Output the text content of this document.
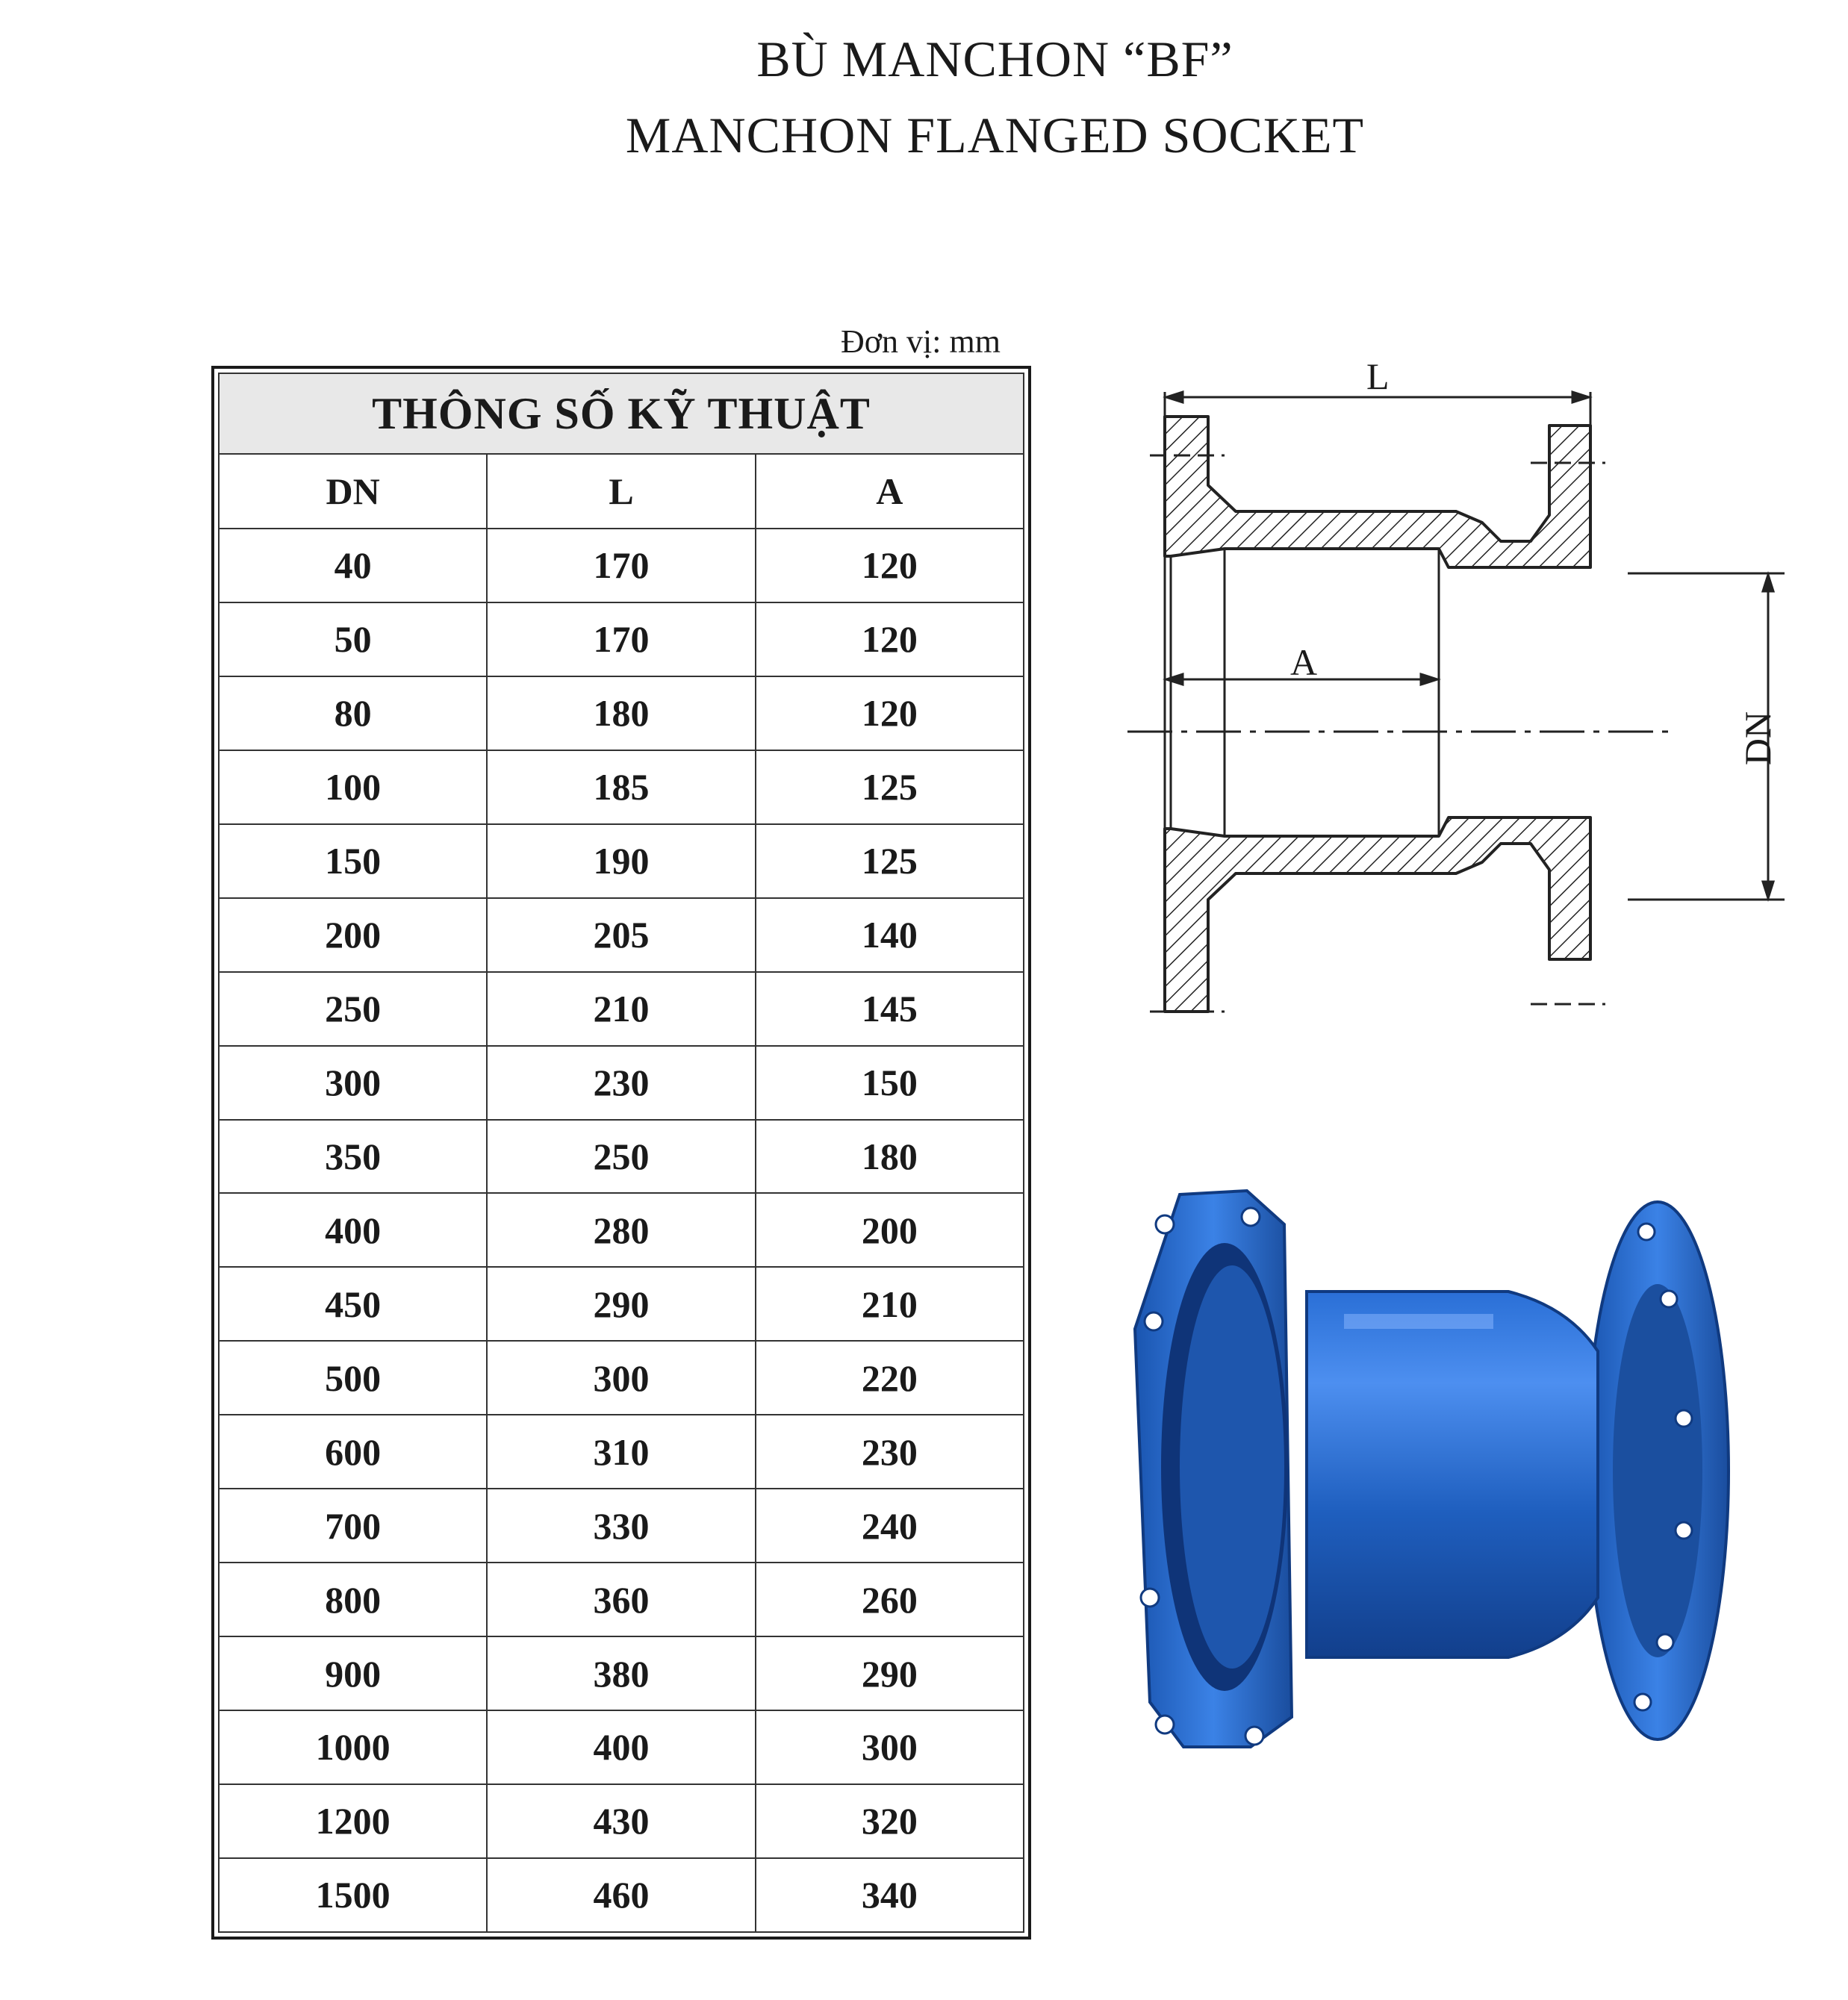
BÙ MANCHON “BF”
MANCHON FLANGED SOCKET
Đơn vị: mm
THÔNG SỐ KỸ THUẬT		
DN	L	A
40	170	120
50	170	120
80	180	120
100	185	125
150	190	125
200	205	140
250	210	145
300	230	150
350	250	180
400	280	200
450	290	210
500	300	220
600	310	230
700	330	240
800	360	260
900	380	290
1000	400	300
1200	430	320
1500	460	340
L
A
DN
